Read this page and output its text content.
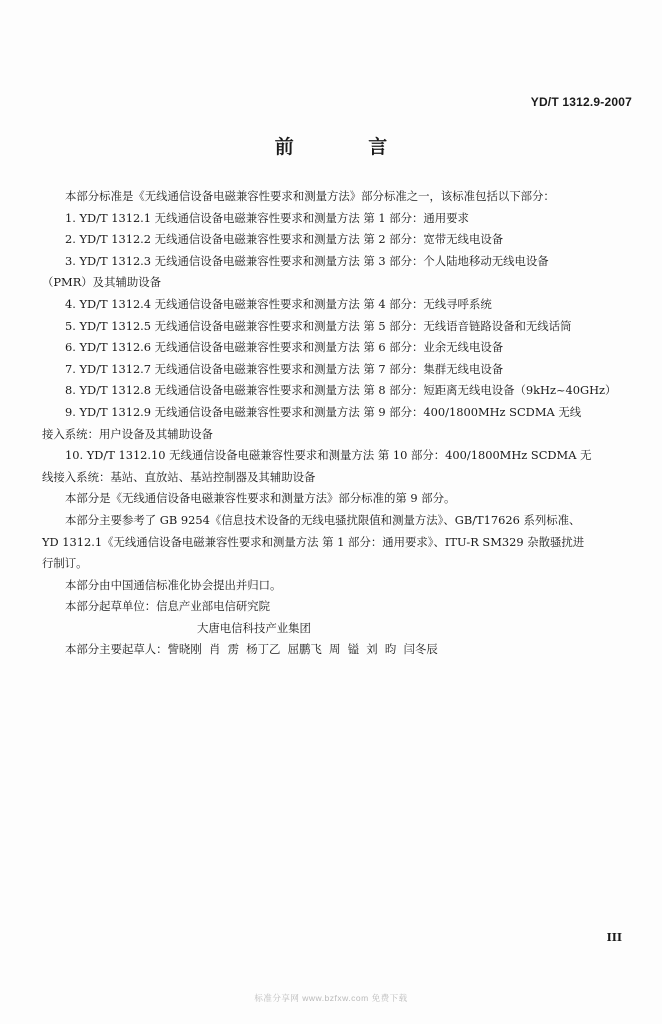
YD/T 1312.9-2007
前 言

本部分标准是《无线通信设备电磁兼容性要求和测量方法》部分标准之一，该标准包括以下部分：

1. YD/T 1312.1 无线通信设备电磁兼容性要求和测量方法 第 1 部分：通用要求

2. YD/T 1312.2 无线通信设备电磁兼容性要求和测量方法 第 2 部分：宽带无线电设备

3. YD/T 1312.3 无线通信设备电磁兼容性要求和测量方法 第 3 部分：个人陆地移动无线电设备

（PMR）及其辅助设备

4. YD/T 1312.4 无线通信设备电磁兼容性要求和测量方法 第 4 部分：无线寻呼系统

5. YD/T 1312.5 无线通信设备电磁兼容性要求和测量方法 第 5 部分：无线语音链路设备和无线话筒

6. YD/T 1312.6 无线通信设备电磁兼容性要求和测量方法 第 6 部分：业余无线电设备

7. YD/T 1312.7 无线通信设备电磁兼容性要求和测量方法 第 7 部分：集群无线电设备

8. YD/T 1312.8 无线通信设备电磁兼容性要求和测量方法 第 8 部分：短距离无线电设备（9kHz~40GHz）

9. YD/T 1312.9 无线通信设备电磁兼容性要求和测量方法 第 9 部分：400/1800MHz SCDMA 无线

接入系统：用户设备及其辅助设备

10. YD/T 1312.10 无线通信设备电磁兼容性要求和测量方法 第 10 部分：400/1800MHz SCDMA 无

线接入系统：基站、直放站、基站控制器及其辅助设备

本部分是《无线通信设备电磁兼容性要求和测量方法》部分标准的第 9 部分。

本部分主要参考了 GB 9254《信息技术设备的无线电骚扰限值和测量方法》、GB/T17626 系列标准、

YD 1312.1《无线通信设备电磁兼容性要求和测量方法 第 1 部分：通用要求》、ITU-R SM329 杂散骚扰进

行制订。

本部分由中国通信标准化协会提出并归口。

本部分起草单位：信息产业部电信研究院

大唐电信科技产业集团

本部分主要起草人：訾晓刚  肖  雳  杨丁乙  屈鹏飞  周  镒  刘  昀  闫冬辰

III
标准分享网 www.bzfxw.com 免费下载
